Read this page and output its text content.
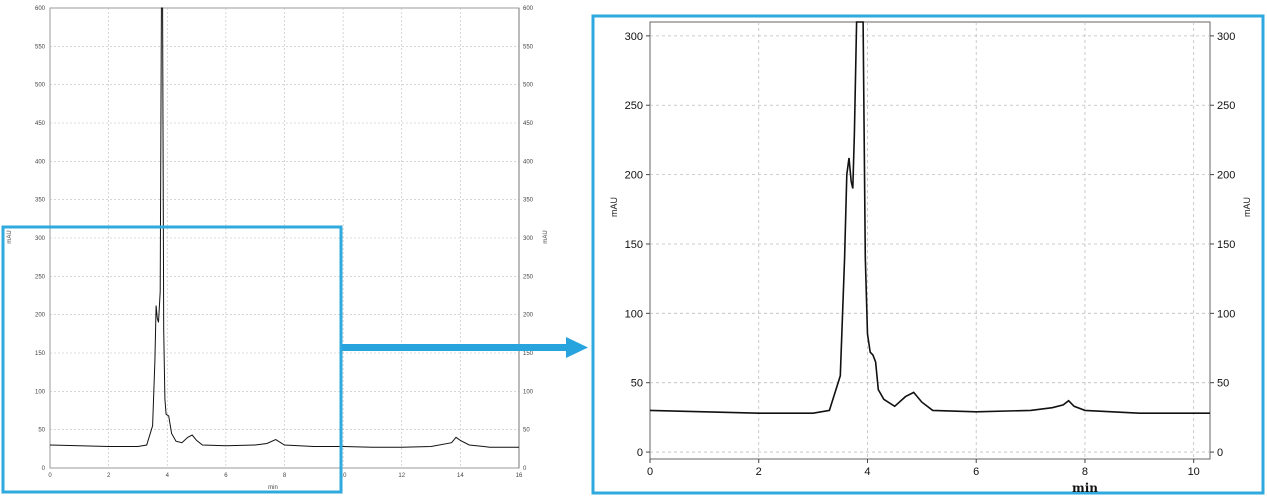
0	2	4	6	8	10	12	14	16
0	0
50	50
100	100
150	150
200	200
250	250
300	300
350	350
400	400
450	450
500	500
550	550
600	600
min
mAU	mAU
0	2	4	6	8	10
0	0
50	50
100	100
150	150
200	200
250	250
300	300
min
mAU	mAU
